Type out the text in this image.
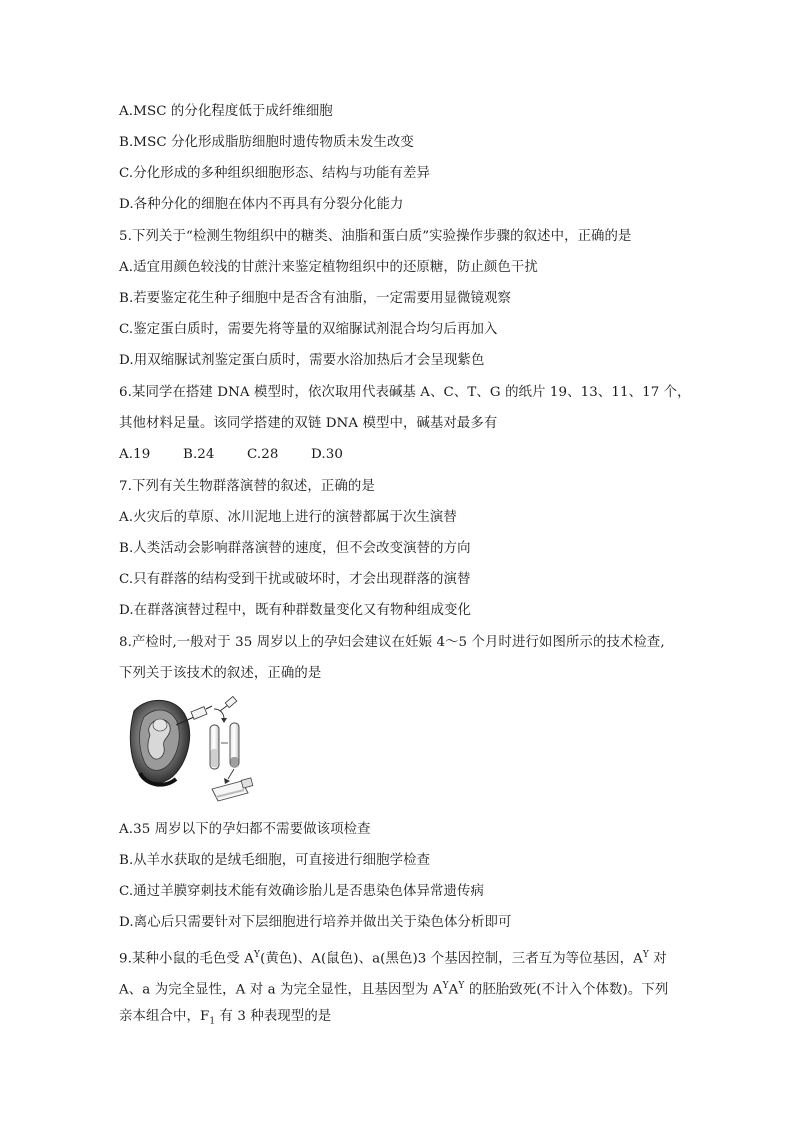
A.MSC 的分化程度低于成纤维细胞
B.MSC 分化形成脂肪细胞时遗传物质未发生改变
C.分化形成的多种组织细胞形态、结构与功能有差异
D.各种分化的细胞在体内不再具有分裂分化能力
5.下列关于“检测生物组织中的糖类、油脂和蛋白质”实验操作步骤的叙述中，正确的是
A.适宜用颜色较浅的甘蔗汁来鉴定植物组织中的还原糖，防止颜色干扰
B.若要鉴定花生种子细胞中是否含有油脂，一定需要用显微镜观察
C.鉴定蛋白质时，需要先将等量的双缩脲试剂混合均匀后再加入
D.用双缩脲试剂鉴定蛋白质时，需要水浴加热后才会呈现紫色
6.某同学在搭建 DNA 模型时，依次取用代表碱基 A、C、T、G 的纸片 19、13、11、17 个，
其他材料足量。该同学搭建的双链 DNA 模型中，碱基对最多有
A.19 B.24 C.28 D.30
7.下列有关生物群落演替的叙述，正确的是
A.火灾后的草原、冰川泥地上进行的演替都属于次生演替
B.人类活动会影响群落演替的速度，但不会改变演替的方向
C.只有群落的结构受到干扰或破坏时，才会出现群落的演替
D.在群落演替过程中，既有种群数量变化又有物种组成变化
8.产检时,一般对于 35 周岁以上的孕妇会建议在妊娠 4～5 个月时进行如图所示的技术检查,
下列关于该技术的叙述，正确的是
A.35 周岁以下的孕妇都不需要做该项检查
B.从羊水获取的是绒毛细胞，可直接进行细胞学检查
C.通过羊膜穿刺技术能有效确诊胎儿是否患染色体异常遗传病
D.离心后只需要针对下层细胞进行培养并做出关于染色体分析即可
9.某种小鼠的毛色受 $A^Y$(黄色)、A(鼠色)、a(黑色)3 个基因控制，三者互为等位基因，$A^Y$ 对
A、a 为完全显性，A 对 a 为完全显性，且基因型为 $A^YA^Y$ 的胚胎致死(不计入个体数)。下列
亲本组合中，$F_1$ 有 3 种表现型的是
